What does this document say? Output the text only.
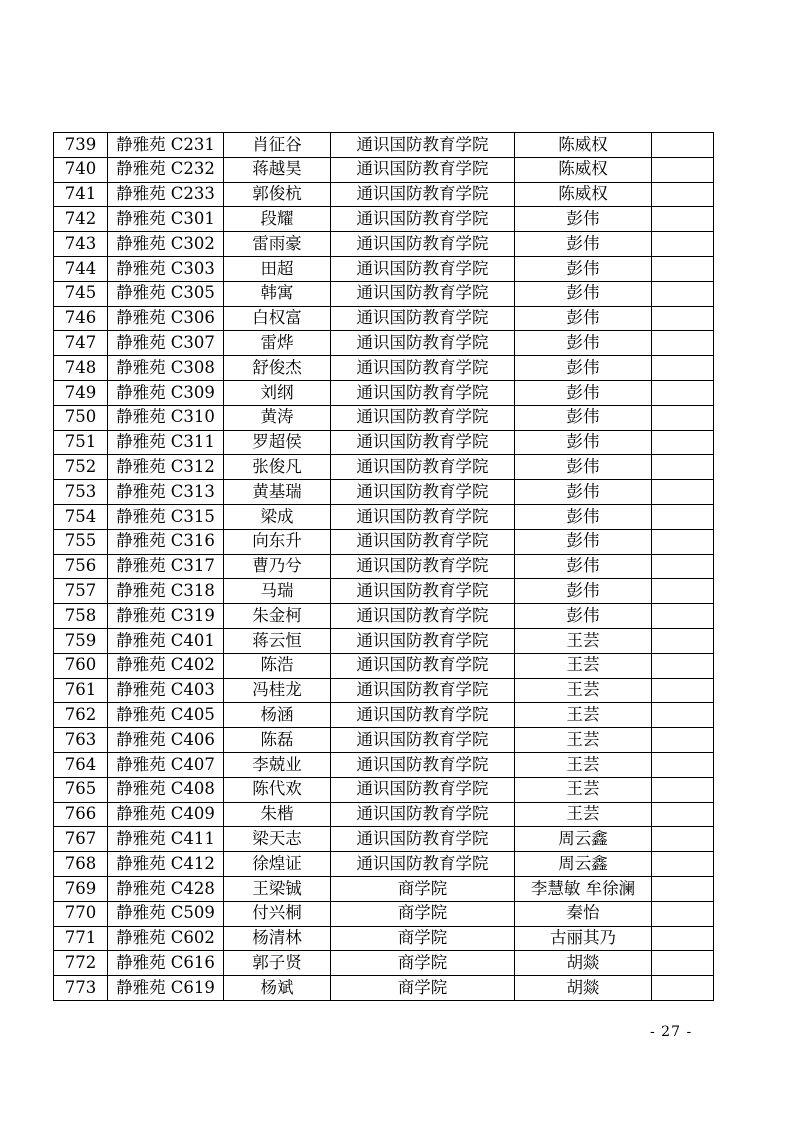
739	静雅苑 C231	肖征谷	通识国防教育学院	陈威权	
740	静雅苑 C232	蒋越昊	通识国防教育学院	陈威权	
741	静雅苑 C233	郭俊杭	通识国防教育学院	陈威权	
742	静雅苑 C301	段耀	通识国防教育学院	彭伟	
743	静雅苑 C302	雷雨豪	通识国防教育学院	彭伟	
744	静雅苑 C303	田超	通识国防教育学院	彭伟	
745	静雅苑 C305	韩寓	通识国防教育学院	彭伟	
746	静雅苑 C306	白权富	通识国防教育学院	彭伟	
747	静雅苑 C307	雷烨	通识国防教育学院	彭伟	
748	静雅苑 C308	舒俊杰	通识国防教育学院	彭伟	
749	静雅苑 C309	刘纲	通识国防教育学院	彭伟	
750	静雅苑 C310	黄涛	通识国防教育学院	彭伟	
751	静雅苑 C311	罗超侯	通识国防教育学院	彭伟	
752	静雅苑 C312	张俊凡	通识国防教育学院	彭伟	
753	静雅苑 C313	黄基瑞	通识国防教育学院	彭伟	
754	静雅苑 C315	梁成	通识国防教育学院	彭伟	
755	静雅苑 C316	向东升	通识国防教育学院	彭伟	
756	静雅苑 C317	曹乃兮	通识国防教育学院	彭伟	
757	静雅苑 C318	马瑞	通识国防教育学院	彭伟	
758	静雅苑 C319	朱金柯	通识国防教育学院	彭伟	
759	静雅苑 C401	蒋云恒	通识国防教育学院	王芸	
760	静雅苑 C402	陈浩	通识国防教育学院	王芸	
761	静雅苑 C403	冯桂龙	通识国防教育学院	王芸	
762	静雅苑 C405	杨涵	通识国防教育学院	王芸	
763	静雅苑 C406	陈磊	通识国防教育学院	王芸	
764	静雅苑 C407	李兢业	通识国防教育学院	王芸	
765	静雅苑 C408	陈代欢	通识国防教育学院	王芸	
766	静雅苑 C409	朱楷	通识国防教育学院	王芸	
767	静雅苑 C411	梁天志	通识国防教育学院	周云鑫	
768	静雅苑 C412	徐煌证	通识国防教育学院	周云鑫	
769	静雅苑 C428	王梁铖	商学院	李慧敏 牟徐澜	
770	静雅苑 C509	付兴桐	商学院	秦怡	
771	静雅苑 C602	杨清林	商学院	古丽其乃	
772	静雅苑 C616	郭子贤	商学院	胡燚	
773	静雅苑 C619	杨斌	商学院	胡燚	
- 27 -
